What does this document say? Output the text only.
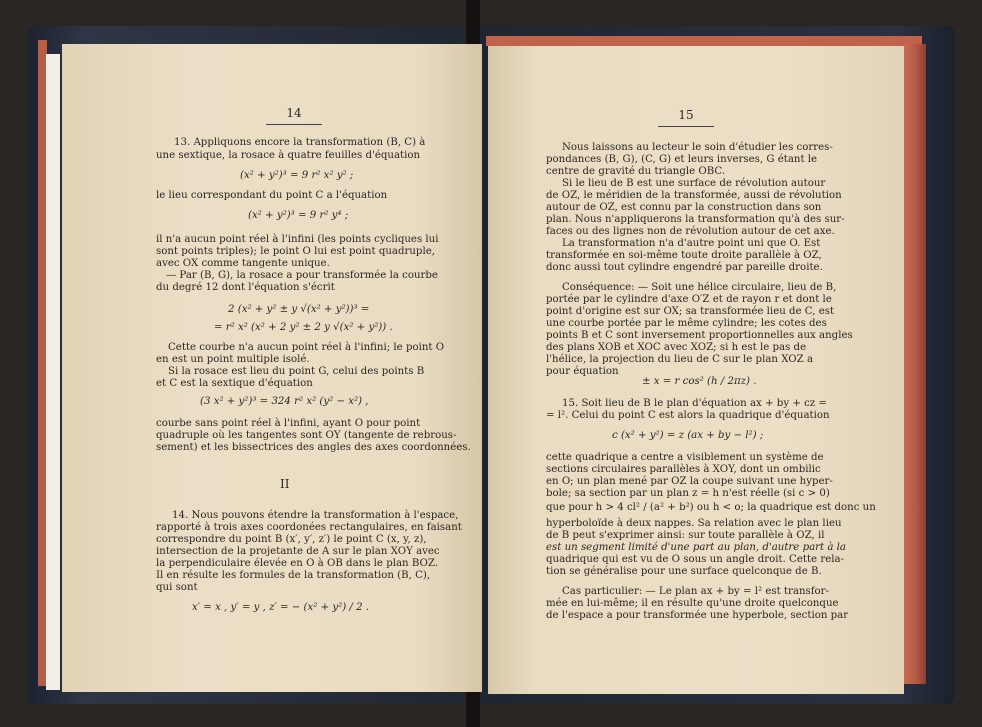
14
13. Appliquons encore la transformation (B, C) à
une sextique, la rosace à quatre feuilles d'équation
(x² + y²)³ = 9 r² x² y² ;
le lieu correspondant du point C a l'équation
(x² + y²)³ = 9 r² y⁴ ;
il n'a aucun point réel à l'infini (les points cycliques lui
sont points triples); le point O lui est point quadruple,
avec OX comme tangente unique.
— Par (B, G), la rosace a pour transformée la courbe
du degré 12 dont l'équation s'écrit
2 (x² + y² ± y √(x² + y²))³ =
= r² x² (x² + 2 y² ± 2 y √(x² + y²)) .
Cette courbe n'a aucun point réel à l'infini; le point O
en est un point multiple isolé.
Si la rosace est lieu du point G, celui des points B
et C est la sextique d'équation
(3 x² + y²)³ = 324 r² x² (y² − x²) ,
courbe sans point réel à l'infini, ayant O pour point
quadruple où les tangentes sont OY (tangente de rebrous-
sement) et les bissectrices des angles des axes coordonnées.
II
14. Nous pouvons étendre la transformation à l'espace,
rapporté à trois axes coordonées rectangulaires, en faisant
correspondre du point B (x′, y′, z′) le point C (x, y, z),
intersection de la projetante de A sur le plan XOY avec
la perpendiculaire élevée en O à OB dans le plan BOZ.
Il en résulte les formules de la transformation (B, C),
qui sont
x′ = x , y′ = y , z′ = − (x² + y²) / 2 .
15
Nous laissons au lecteur le soin d'étudier les corres-
pondances (B, G), (C, G) et leurs inverses, G étant le
centre de gravité du triangle OBC.
Si le lieu de B est une surface de révolution autour
de OZ, le méridien de la transformée, aussi de révolution
autour de OZ, est connu par la construction dans son
plan. Nous n'appliquerons la transformation qu'à des sur-
faces ou des lignes non de révolution autour de cet axe.
La transformation n'a d'autre point uni que O. Est
transformée en soi-même toute droite parallèle à OZ,
donc aussi tout cylindre engendré par pareille droite.
Conséquence: — Soit une hélice circulaire, lieu de B,
portée par le cylindre d'axe O′Z et de rayon r et dont le
point d'origine est sur OX; sa transformée lieu de C, est
une courbe portée par le même cylindre; les cotes des
points B et C sont inversement proportionnelles aux angles
des plans XOB et XOC avec XOZ; si h est le pas de
l'hélice, la projection du lieu de C sur le plan XOZ a
pour équation
± x = r cos² (h / 2πz) .
15. Soit lieu de B le plan d'équation ax + by + cz =
= l². Celui du point C est alors la quadrique d'équation
c (x² + y²) = z (ax + by − l²) ;
cette quadrique a centre a visiblement un système de
sections circulaires parallèles à XOY, dont un ombilic
en O; un plan mené par OZ la coupe suivant une hyper-
bole; sa section par un plan z = h n'est réelle (si c > 0)
que pour h > 4 cl² / (a² + b²) ou h < o; la quadrique est donc un
hyperboloïde à deux nappes. Sa relation avec le plan lieu
de B peut s'exprimer ainsi: sur toute parallèle à OZ, il
est un segment limité d'une part au plan, d'autre part à la
quadrique qui est vu de O sous un angle droit. Cette rela-
tion se généralise pour une surface quelconque de B.
Cas particulier: — Le plan ax + by = l² est transfor-
mée en lui-même; il en résulte qu'une droite quelconque
de l'espace a pour transformée une hyperbole, section par
